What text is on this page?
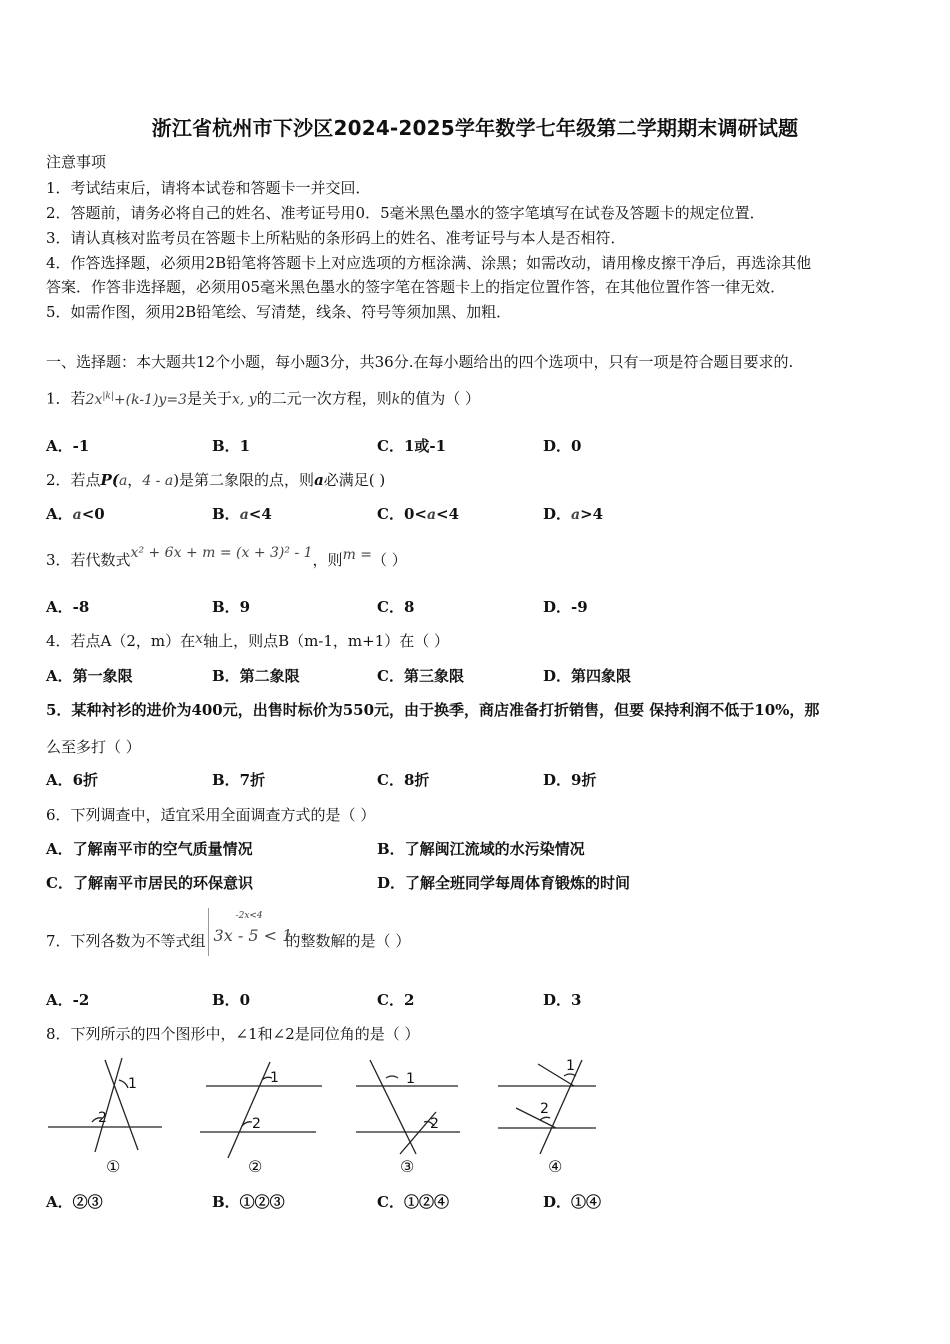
浙江省杭州市下沙区2024-2025学年数学七年级第二学期期末调研试题
注意事项
1．考试结束后，请将本试卷和答题卡一并交回．
2．答题前，请务必将自己的姓名、准考证号用0．5毫米黑色墨水的签字笔填写在试卷及答题卡的规定位置．
3．请认真核对监考员在答题卡上所粘贴的条形码上的姓名、准考证号与本人是否相符．
4．作答选择题，必须用2B铅笔将答题卡上对应选项的方框涂满、涂黑；如需改动，请用橡皮擦干净后，再选涂其他
答案．作答非选择题，必须用05毫米黑色墨水的签字笔在答题卡上的指定位置作答，在其他位置作答一律无效．
5．如需作图，须用2B铅笔绘、写清楚，线条、符号等须加黑、加粗．
一、选择题：本大题共12个小题，每小题3分，共36分.在每小题给出的四个选项中，只有一项是符合题目要求的.
1．若$2x^{|k|}+(k-1)y=3$是关于x, y的二元一次方程，则k的值为（ ）
A．-1	B．1	C．1或-1	D．0
2．若点P(a，4 - a)是第二象限的点，则a必满足( )
A．a<0	B．a<4	C．0<a<4	D．a>4
3．若代数式x² + 6x + m = (x + 3)² - 1，则m =（ ）
A．-8	B．9	C．8	D．-9
4．若点A（2，m）在x轴上，则点B（m-1，m+1）在（ ）
A．第一象限	B．第二象限	C．第三象限	D．第四象限
5．某种衬衫的进价为400元，出售时标价为550元，由于换季，商店准备打折销售，但要 保持利润不低于10%，那
么至多打（ ）
A．6折	B．7折	C．8折	D．9折
6．下列调查中，适宜采用全面调查方式的是（ ）
A．了解南平市的空气质量情况	B．了解闽江流域的水污染情况
C．了解南平市居民的环保意识	D．了解全班同学每周体育锻炼的时间
7．下列各数为不等式组
-2x<4
3x - 5 < 1
的整数解的是（ ）
A．-2	B．0	C．2	D．3
8．下列所示的四个图形中，∠1和∠2是同位角的是（ ）
1
2
1
2
1
2
1
2
①	②	③	④
A．②③	B．①②③	C．①②④	D．①④
